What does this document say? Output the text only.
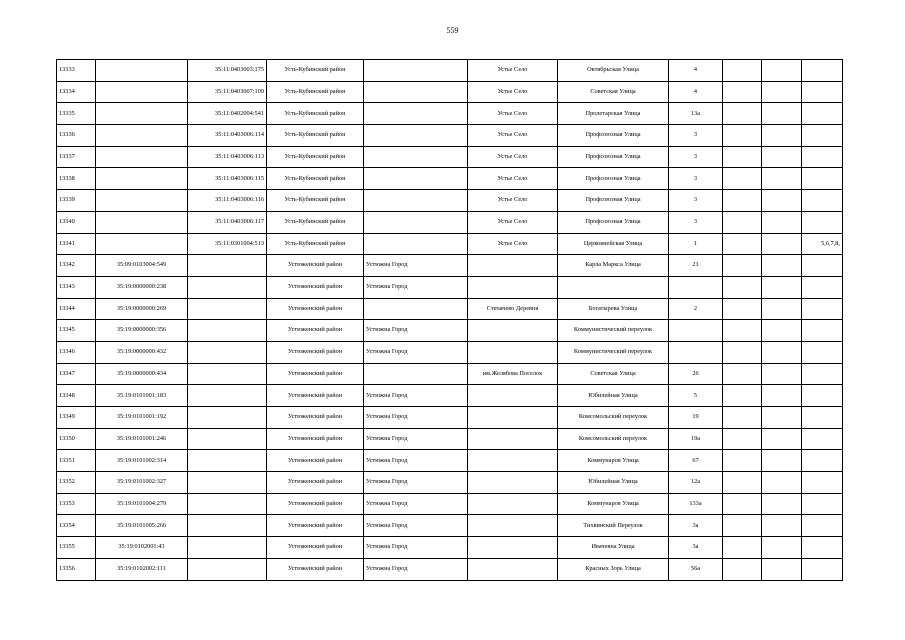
559
13333		35:11:0403003:175	Усть-Кубинский район		Устье Село	Октябрьская Улица	4			
13334		35:11:0403007:109	Усть-Кубинский район		Устье Село	Советская Улица	4			
13335		35:11:0402004:541	Усть-Кубинский район		Устье Село	Пролетарская Улица	13а			
13336		35:11:0403006:114	Усть-Кубинский район		Устье Село	Профсоюзная Улица	3			
13337		35:11:0403006:113	Усть-Кубинский район		Устье Село	Профсоюзная Улица	3			
13338		35:11:0403006:115	Усть-Кубинский район		Устье Село	Профсоюзная Улица	3			
13339		35:11:0403006:116	Усть-Кубинский район		Устье Село	Профсоюзная Улица	3			
13340		35:11:0403006:117	Усть-Кубинский район		Устье Село	Профсоюзная Улица	3			
13341		35:11:0301004:513	Усть-Кубинский район		Устье Село	Церковнейская Улица	1			5,6,7,8,
13342	35:09:0103004:549		Устюженский район	Устюжна Город		Карла Маркса Улица	21			
13343	35:19:0000000:238		Устюженский район	Устюжна Город						
13344	35:19:0000000:269		Устюженский район		Степачево Деревня	Богатырева Улица	2			
13345	35:19:0000000:356		Устюженский район	Устюжна Город		Коммунистический переулок				
13346	35:19:0000000:432		Устюженский район	Устюжна Город		Коммунистический переулок				
13347	35:19:0000000:434		Устюженский район		им.Желябова Поселок	Советская Улица	26			
13348	35:19:0101001:183		Устюженский район	Устюжна Город		Юбилейная Улица	5			
13349	35:19:0101001:192		Устюженский район	Устюжна Город		Комсомольский переулок	19			
13350	35:19:0101001:246		Устюженский район	Устюжна Город		Комсомольский переулок	19а			
13351	35:19:0101002:314		Устюженский район	Устюжна Город		Коммунаров Улица	67			
13352	35:19:0101002:327		Устюженский район	Устюжна Город		Юбилейная Улица	12а			
13353	35:19:0101004:279		Устюженский район	Устюжна Город		Коммунаров Улица	133а			
13354	35:19:0101005:266		Устюженский район	Устюжна Город		Тихвинский Переулок	3а			
13355	35:19:0102001:43		Устюженский район	Устюжна Город		Ивачевна Улица	3а			
13356	35:19:0102002:111		Устюженский район	Устюжна Город		Красных Зорь Улица	56а			
